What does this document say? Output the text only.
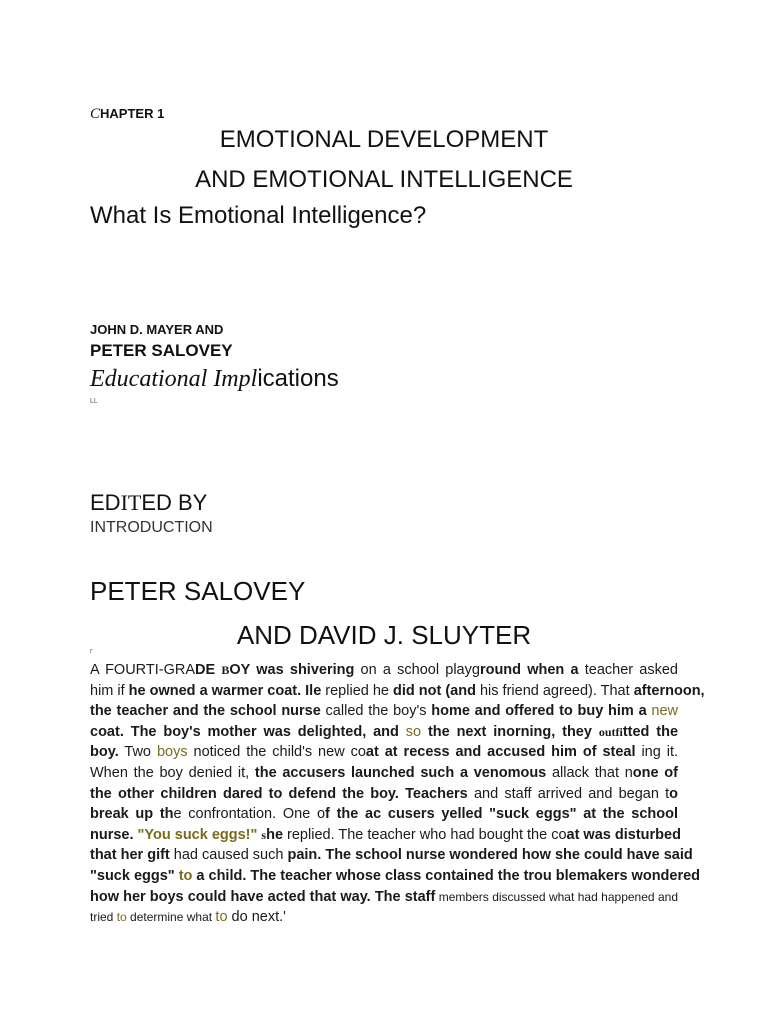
CHAPTER 1
EMOTIONAL DEVELOPMENT
AND EMOTIONAL INTELLIGENCE
What Is Emotional Intelligence?
JOHN D. MAYER AND
PETER SALOVEY
Educational Implications
LL
EDITED BY
INTRODUCTION
PETER SALOVEY
AND DAVID J. SLUYTER
r
A FOURTI-GRADE BOY was shivering on a school playground when a teacher asked
him if he owned a warmer coat. Ile replied he did not (and his friend agreed). That afternoon,
the teacher and the school nurse called the boy's home and offered to buy him a new
coat. The boy's mother was delighted, and so the next inorning, they outfitted the
boy. Two boys noticed the child's new coat at recess and accused him of steal ing it.
When the boy denied it, the accusers launched such a venomous allack that none of
the other children dared to defend the boy. Teachers and staff arrived and began to
break up the confrontation. One of the ac cusers yelled "suck eggs" at the school
nurse. "You suck eggs!" she replied. The teacher who had bought the coat was disturbed
that her gift had caused such pain. The school nurse wondered how she could have said
"suck eggs" to a child. The teacher whose class contained the trou blemakers wondered
how her boys could have acted that way. The staff members discussed what had happened and
tried to determine what to do next.'
